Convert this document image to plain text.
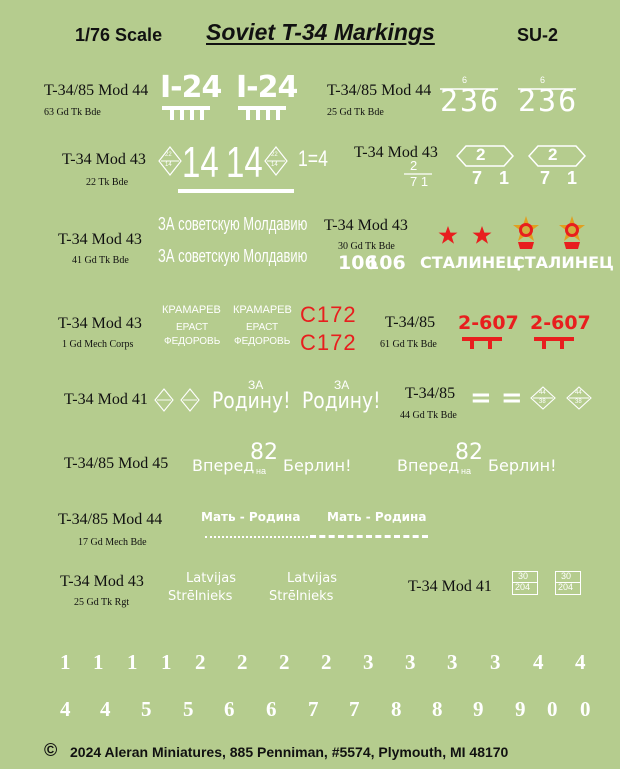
1/76 Scale Soviet T-34 Markings	SU-2
T-34/85 Mod 44
63 Gd Tk Bde
I-24 I-24 T-34/85 Mod 44
25 Gd Tk Bde
6
236
6
236
T-34 Mod 43
22 Tk Bde
22
14 14 14 22
14 1=4 T-34 Mod 43
2
7 1
2
7 1
2
7 1
T-34 Mod 43
41 Gd Tk Bde
ЗА советскую Молдавию
ЗА советскую Молдавию
T-34 Mod 43
30 Gd Tk Bde
106
106 СТАЛИНЕЦ
СТАЛИНЕЦ
T-34 Mod 43
1 Gd Mech Corps
КРАМАРЕВ
ЕРАСТ
ФЕДОРОВЬ
КРАМАРЕВ
ЕРАСТ
ФЕДОРОВЬ
C172
C172
T-34/85
61 Gd Tk Bde
2-607 2-607
T-34 Mod 41
ЗА
Родину!
ЗА
Родину! T-34/85
44 Gd Tk Bde
= =	44
38
44
38
T-34/85 Mod 45 Вперед
82
на Берлин!	Вперед
82
на Берлин!
T-34/85 Mod 44
17 Gd Mech Bde
Мать - Родина Мать - Родина
T-34 Mod 43
25 Gd Tk Rgt
Latvijas
Strēlnieks
Latvijas
Strēlnieks
T-34 Mod 41
30
204
30
204
1 1 1 1 2 2 2 2 3 3 3 3 4 4
4 4 5 5 6 6 7 7 8 8 9 9 0 0
© 2024 Aleran Miniatures, 885 Penniman, #5574, Plymouth, MI 48170
